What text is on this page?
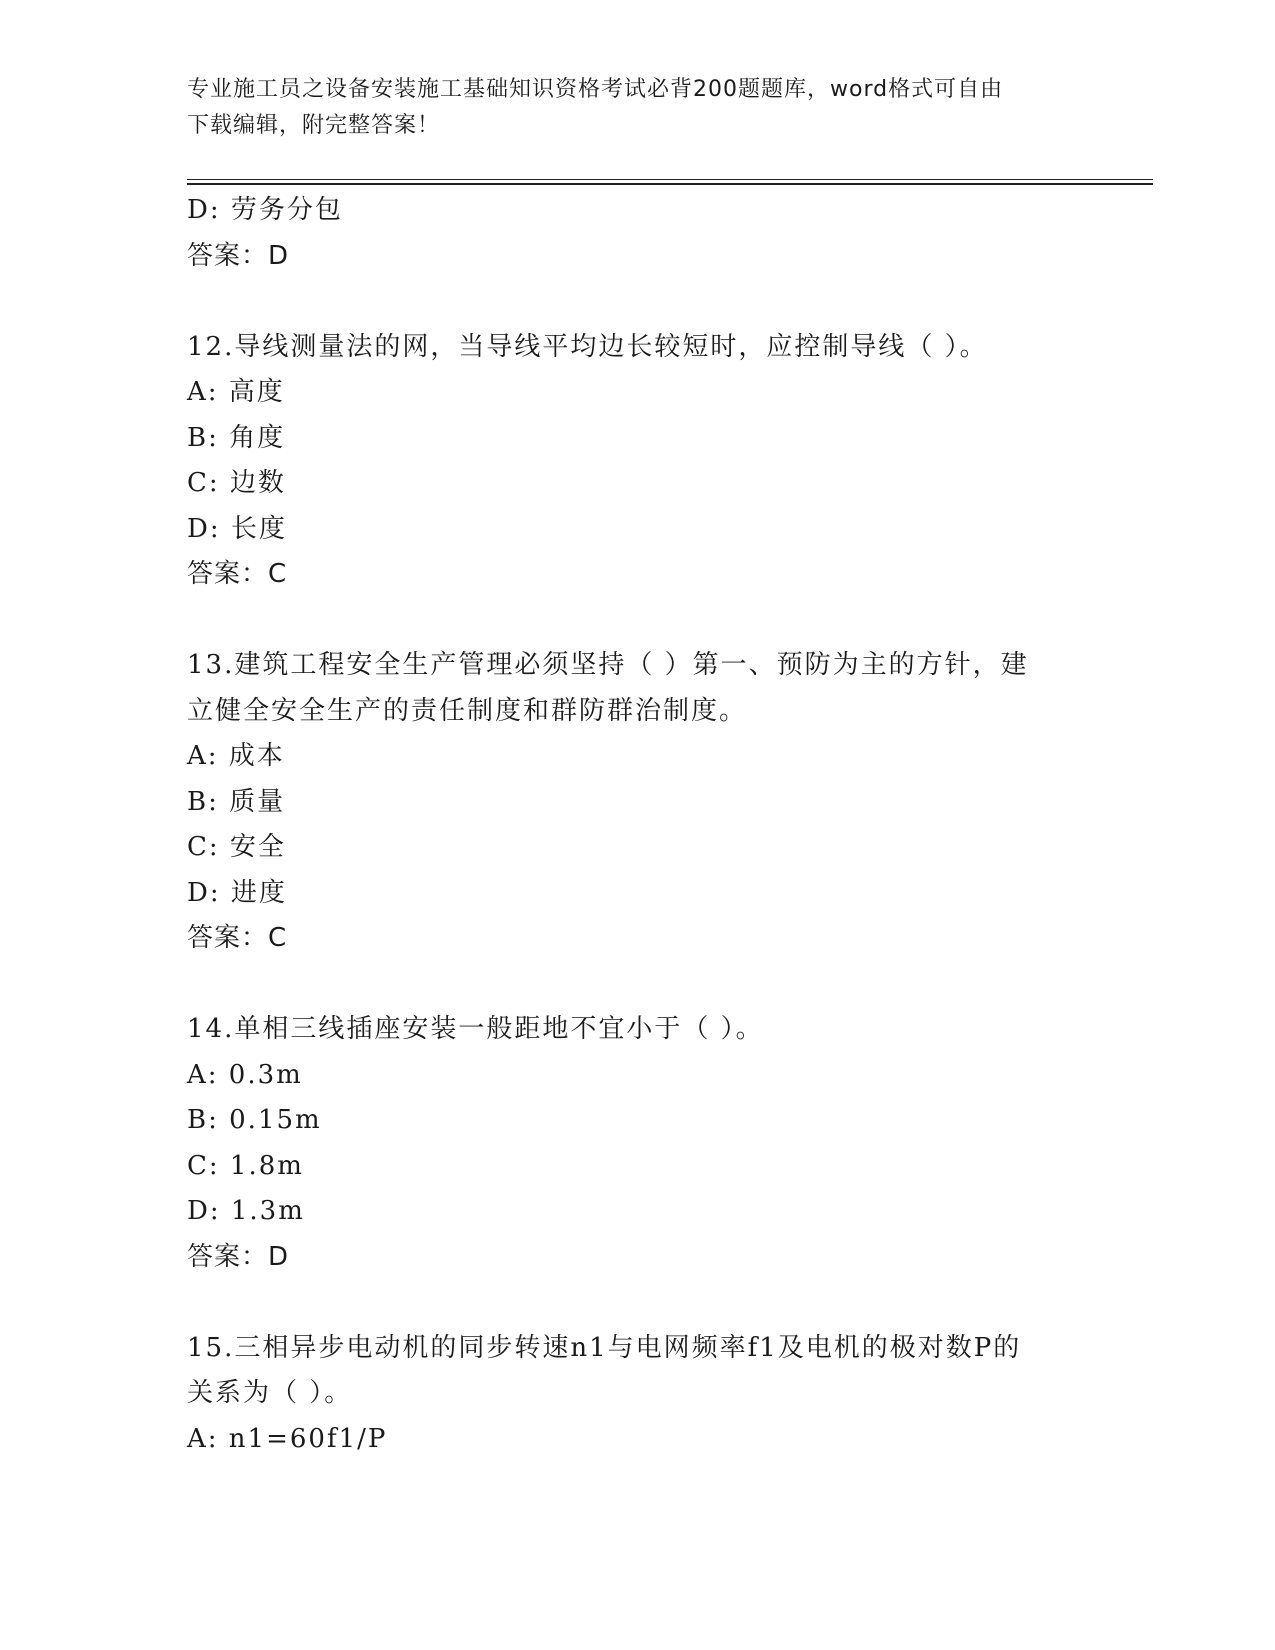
专业施工员之设备安装施工基础知识资格考试必背200题题库，word格式可自由
下载编辑，附完整答案！
D: 劳务分包
答案：D
12.导线测量法的网，当导线平均边长较短时，应控制导线（ ）。
A: 高度
B: 角度
C: 边数
D: 长度
答案：C
13.建筑工程安全生产管理必须坚持（ ）第一、预防为主的方针，建
立健全安全生产的责任制度和群防群治制度。
A: 成本
B: 质量
C: 安全
D: 进度
答案：C
14.单相三线插座安装一般距地不宜小于（ ）。
A: 0.3m
B: 0.15m
C: 1.8m
D: 1.3m
答案：D
15.三相异步电动机的同步转速n1与电网频率f1及电机的极对数P的
关系为（ ）。
A: n1=60f1/P
